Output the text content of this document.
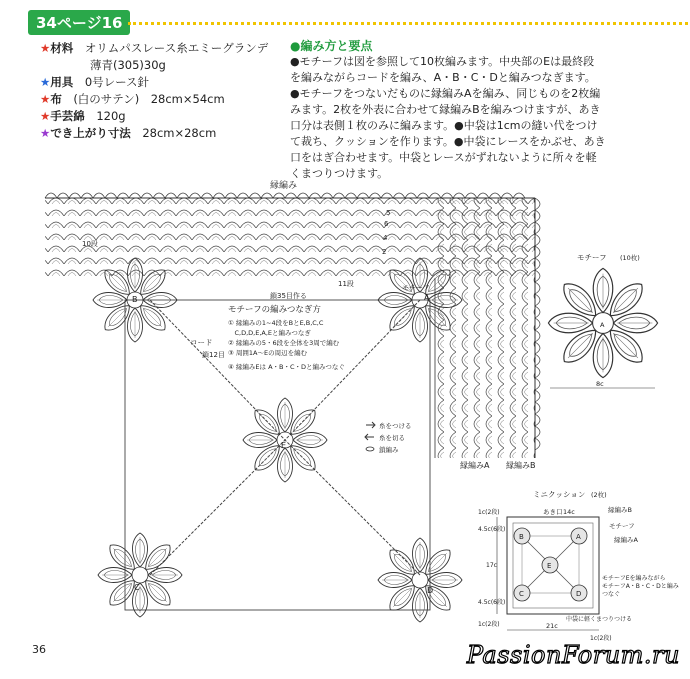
34ページ16
★材料　 オリムパスレース糸エミーグランデ
薄青(305)30g
★用具　 0号レース針
★布　 (白のサテン)　28cm×54cm
★手芸綿　 120g
★でき上がり寸法　 28cm×28cm
●編み方と要点

●モチーフは図を参照して10枚編みます。中央部のEは最終段

を編みながらコードを編み、A・B・C・Dと編みつなぎます。

●モチーフをつないだものに縁編みAを編み、同じものを2枚編

みます。2枚を外表に合わせて縁編みBを編みつけますが、あき

口分は表側１枚のみに編みます。●中袋は1cmの縫い代をつけ

て裁ち、クッションを作ります。●中袋にレースをかぶせ、あき

口をはぎ合わせます。中袋とレースがずれないように所々を軽

くまつりつけます。

縁編み
10段
11段
5
6
4
2
B	A
モチーフ
E
C	D
コード
鎖12目
鎖35目作る
モチーフの編みつなぎ方
① 縁編みの1~4段をBとE,B,C,C
　C,D,D,E,A,Eと編みつなぎ
② 縁編みの5・6段を全体を3周で編む
③ 周囲1A～Eの周辺を編む
④ 縁編みEは A・B・C・Dと編みつなぐ
糸をつける
糸を切る
鎖編み
縁編みA 縁編みB
モチーフ (10枚)
A
8c
ミニクッション (2枚)
あき口 14c
B	A
E
C	D
縁編みB
モチーフ
縁編みA
モチーフEを編みながら
モチーフA・B・C・Dと編み
つなぐ
中袋に軽くまつりつける
1c(2段)
4.5c(6段)
17c
4.5c(6段)
1c(2段)	21c
1c(2段)
36	PassionForum.ru
